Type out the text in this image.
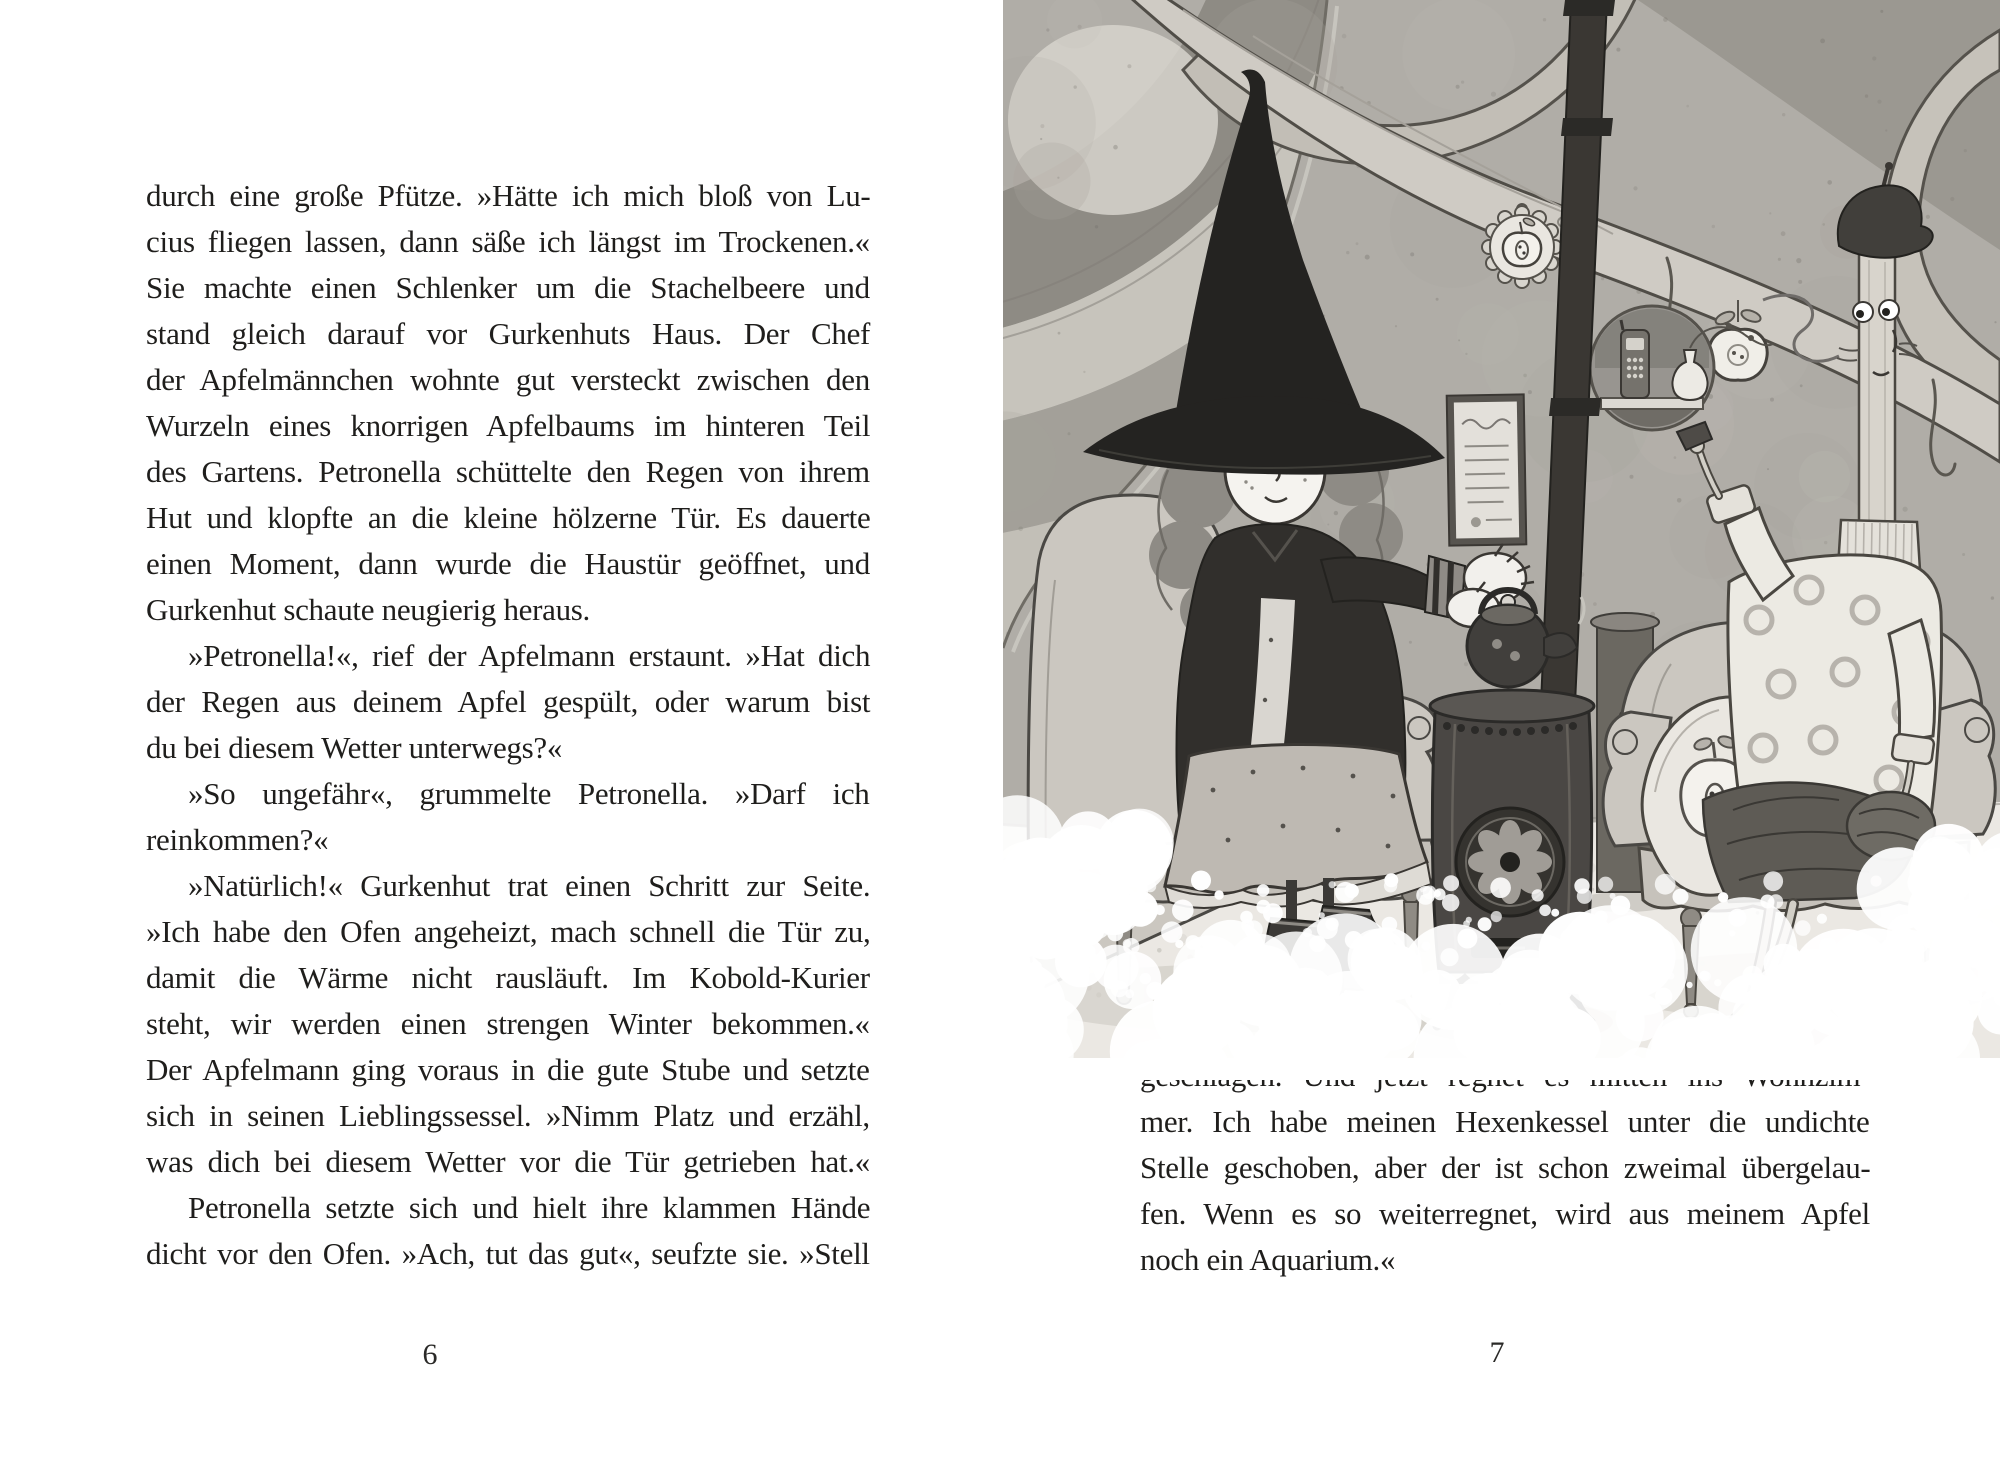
durch eine große Pfütze. »Hätte ich mich bloß von Lu-
cius fliegen lassen, dann säße ich längst im Trockenen.«
Sie machte einen Schlenker um die Stachelbeere und
stand gleich darauf vor Gurkenhuts Haus. Der Chef
der Apfelmännchen wohnte gut versteckt zwischen den
Wurzeln eines knorrigen Apfelbaums im hinteren Teil
des Gartens. Petronella schüttelte den Regen von ihrem
Hut und klopfte an die kleine hölzerne Tür. Es dauerte
einen Moment, dann wurde die Haustür geöffnet, und
Gurkenhut schaute neugierig heraus.
»Petronella!«, rief der Apfelmann erstaunt. »Hat dich
der Regen aus deinem Apfel gespült, oder warum bist
du bei diesem Wetter unterwegs?«
»So ungefähr«, grummelte Petronella. »Darf ich
reinkommen?«
»Natürlich!« Gurkenhut trat einen Schritt zur Seite.
»Ich habe den Ofen angeheizt, mach schnell die Tür zu,
damit die Wärme nicht rausläuft. Im Kobold-Kurier
steht, wir werden einen strengen Winter bekommen.«
Der Apfelmann ging voraus in die gute Stube und setzte
sich in seinen Lieblingssessel. »Nimm Platz und erzähl,
was dich bei diesem Wetter vor die Tür getrieben hat.«
Petronella setzte sich und hielt ihre klammen Hände
dicht vor den Ofen. »Ach, tut das gut«, seufzte sie. »Stell
mer. Ich habe meinen Hexenkessel unter die undichte
Stelle geschoben, aber der ist schon zweimal übergelau-
fen. Wenn es so weiterregnet, wird aus meinem Apfel
noch ein Aquarium.«
6	7
